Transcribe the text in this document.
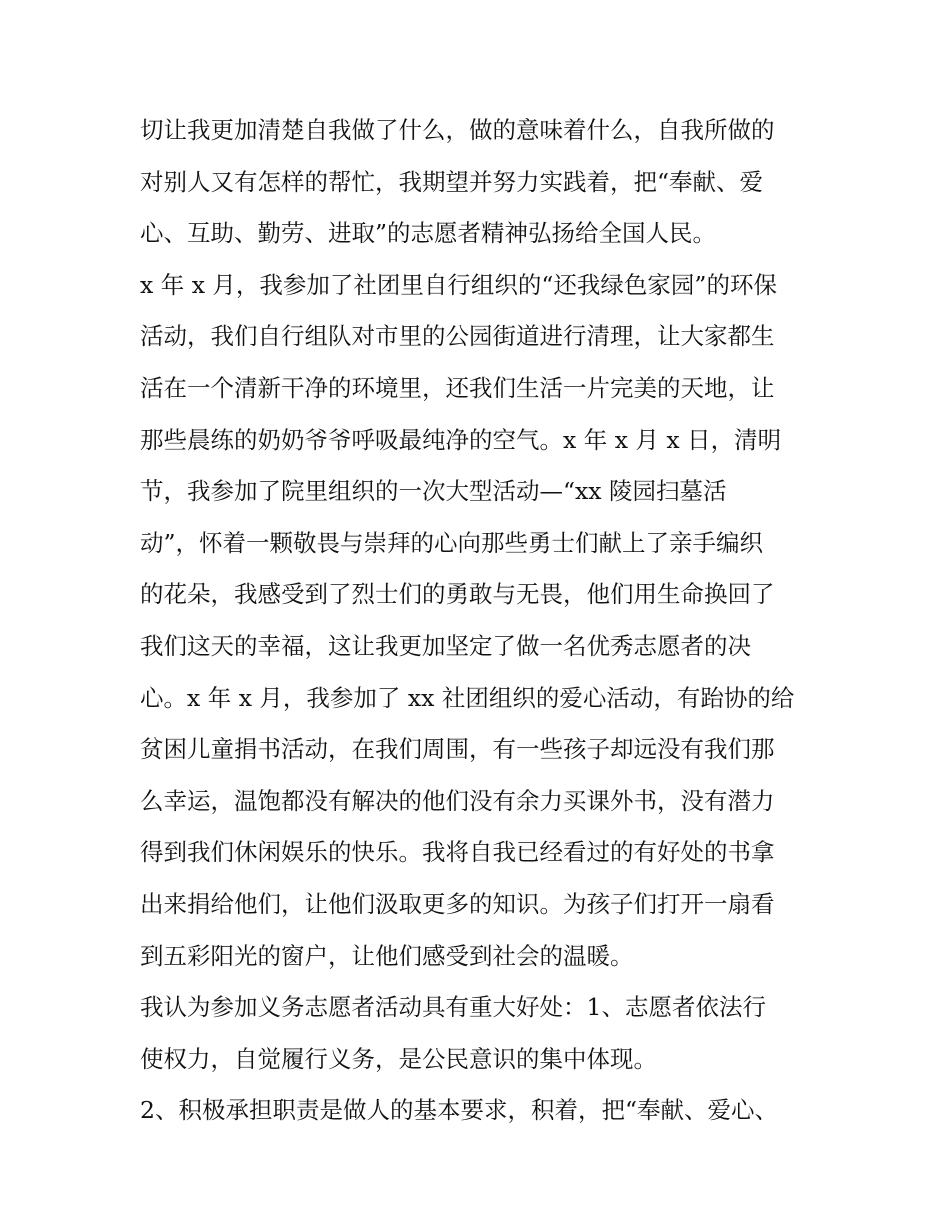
切让我更加清楚自我做了什么，做的意味着什么，自我所做的
对别人又有怎样的帮忙，我期望并努力实践着，把“奉献、爱
心、互助、勤劳、进取”的志愿者精神弘扬给全国人民。
x 年 x 月，我参加了社团里自行组织的“还我绿色家园”的环保
活动，我们自行组队对市里的公园街道进行清理，让大家都生
活在一个清新干净的环境里，还我们生活一片完美的天地，让
那些晨练的奶奶爷爷呼吸最纯净的空气。x 年 x 月 x 日，清明
节，我参加了院里组织的一次大型活动—“xx 陵园扫墓活
动”，怀着一颗敬畏与崇拜的心向那些勇士们献上了亲手编织
的花朵，我感受到了烈士们的勇敢与无畏，他们用生命换回了
我们这天的幸福，这让我更加坚定了做一名优秀志愿者的决
心。x 年 x 月，我参加了 xx 社团组织的爱心活动，有跆协的给
贫困儿童捐书活动，在我们周围，有一些孩子却远没有我们那
么幸运，温饱都没有解决的他们没有余力买课外书，没有潜力
得到我们休闲娱乐的快乐。我将自我已经看过的有好处的书拿
出来捐给他们，让他们汲取更多的知识。为孩子们打开一扇看
到五彩阳光的窗户，让他们感受到社会的温暖。
我认为参加义务志愿者活动具有重大好处：1、志愿者依法行
使权力，自觉履行义务，是公民意识的集中体现。
2、积极承担职责是做人的基本要求，积着，把“奉献、爱心、
